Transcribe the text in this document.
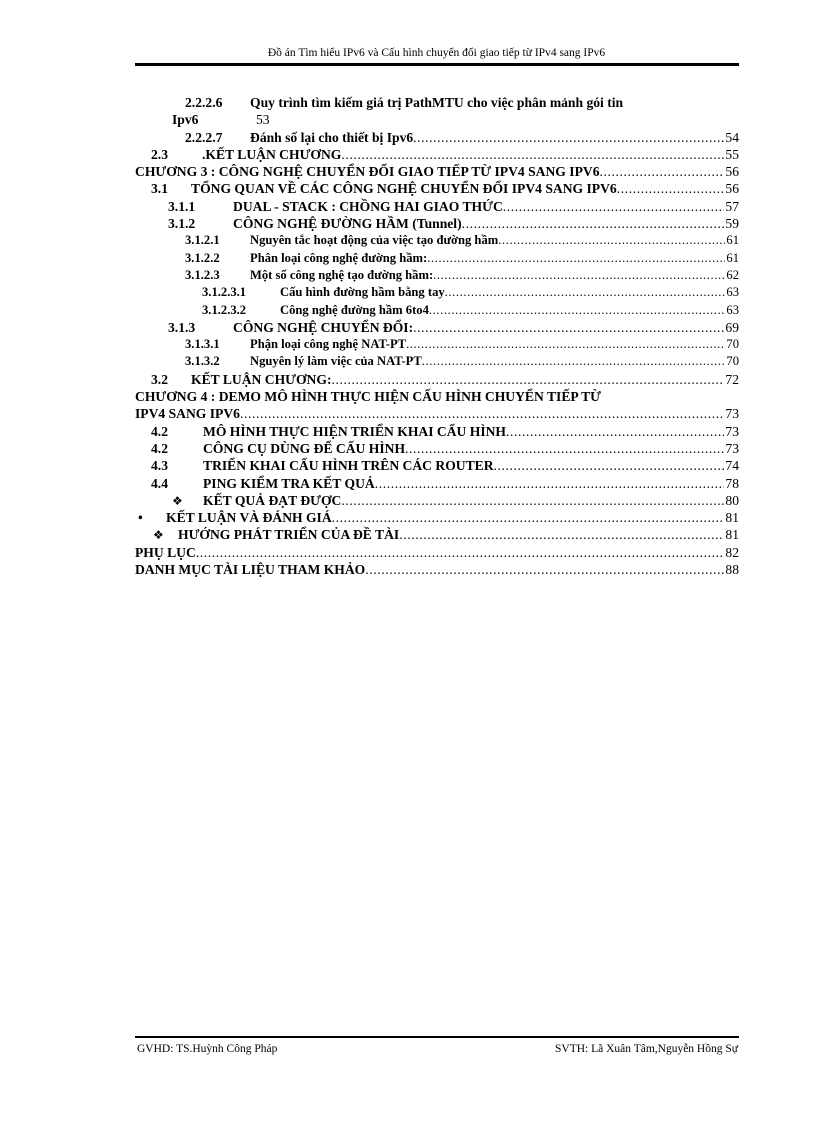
Đồ án Tìm hiểu IPv6 và Cấu hình chuyển đổi giao tiếp từ IPv4 sang IPv6
2.2.2.6	Quy trình tìm kiếm giá trị PathMTU cho việc phân mảnh gói tin
Ipv6	53
2.2.2.7	Đánh số lại cho thiết bị Ipv6 .....	54
2.3	.KẾT LUẬN CHƯƠNG .....	55
CHƯƠNG 3 : CÔNG NGHỆ CHUYỂN ĐỔI GIAO TIẾP TỪ IPV4 SANG IPV6 .....	56
3.1	TỔNG QUAN VỀ CÁC CÔNG NGHỆ CHUYỂN ĐỔI IPV4 SANG IPV6 .....	56
3.1.1	DUAL - STACK : CHỒNG HAI GIAO THỨC .....	57
3.1.2	CÔNG NGHỆ ĐƯỜNG HẦM (Tunnel) .....	59
3.1.2.1	Nguyên tắc hoạt động của việc tạo đường hầm .....	61
3.1.2.2	Phân loại công nghệ đường hầm: .....	61
3.1.2.3	Một số công nghệ tạo đường hầm: .....	62
3.1.2.3.1	Cấu hình đường hầm bằng tay .....	63
3.1.2.3.2	Công nghệ đường hầm 6to4 .....	63
3.1.3	CÔNG NGHỆ CHUYỂN ĐỔI: .....	69
3.1.3.1	Phận loại công nghệ NAT-PT .....	70
3.1.3.2	Nguyên lý làm việc của NAT-PT .....	70
3.2	KẾT LUẬN CHƯƠNG: .....	72
CHƯƠNG 4 : DEMO MÔ HÌNH THỰC HIỆN CẤU HÌNH CHUYỂN TIẾP TỪ
IPV4 SANG IPV6 .....	73
4.2	MÔ HÌNH THỰC HIỆN TRIỂN KHAI CẤU HÌNH .....	73
4.2	CÔNG CỤ DÙNG ĐỂ CẤU HÌNH .....	73
4.3	TRIỂN KHAI CẤU HÌNH TRÊN CÁC ROUTER .....	74
4.4	PING KIỂM TRA KẾT QUẢ .....	78
❖	KẾT QUẢ ĐẠT ĐƯỢC .....	80
•	KẾT LUẬN VÀ ĐÁNH GIÁ .....	81
❖	HƯỚNG PHÁT TRIỂN CỦA ĐỀ TÀI .....	81
PHỤ LỤC .....	82
DANH MỤC TÀI LIỆU THAM KHẢO .....	88
GVHD: TS.Huỳnh Công Pháp	SVTH: Lã Xuân Tâm,Nguyễn Hồng Sự
